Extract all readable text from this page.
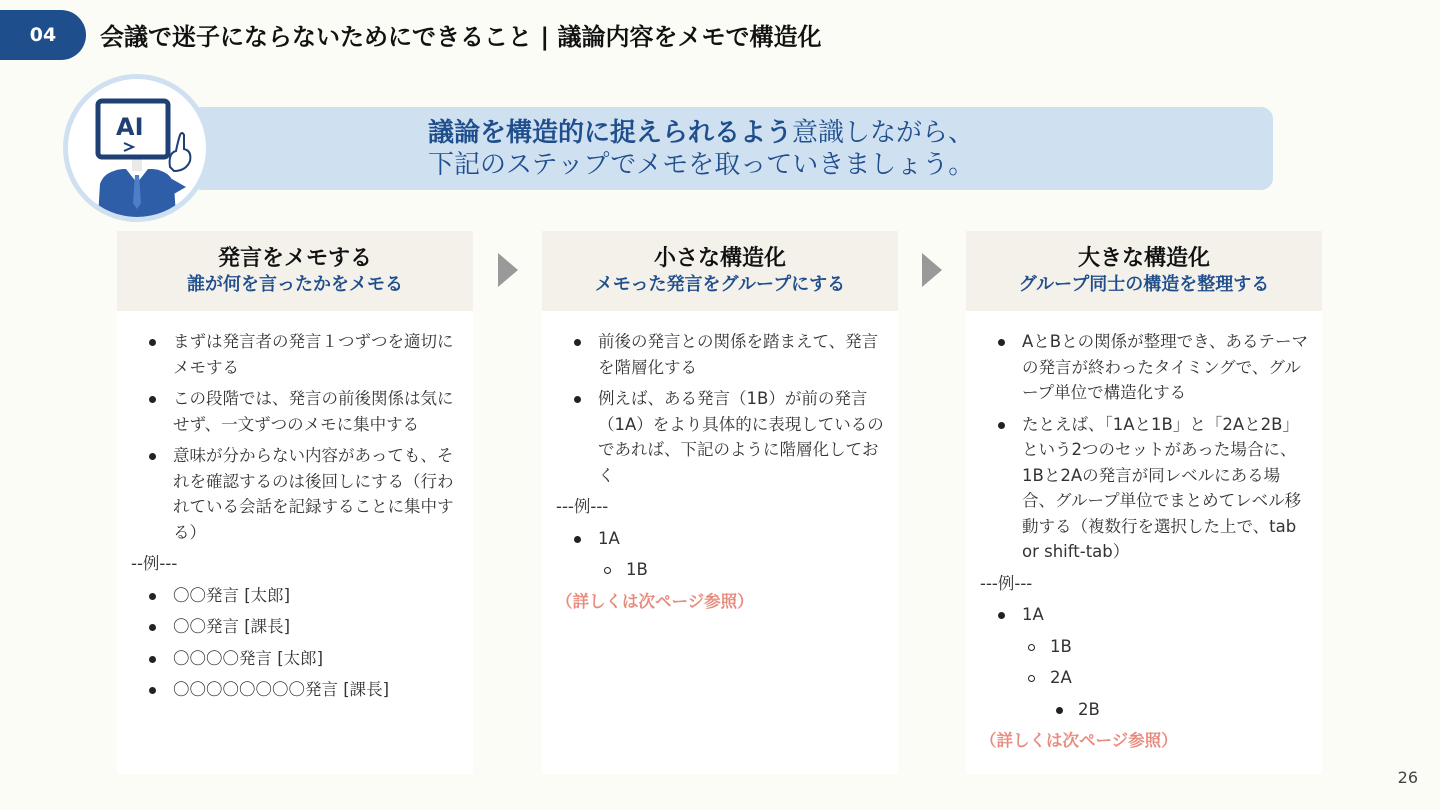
04	会議で迷子にならないためにできること | 議論内容をメモで構造化
議論を構造的に捉えられるよう意識しながら、
下記のステップでメモを取っていきましょう。
AI
発言をメモする
誰が何を言ったかをメモる
まずは発言者の発言１つずつを適切にメモする
この段階では、発言の前後関係は気にせず、一文ずつのメモに集中する
意味が分からない内容があっても、それを確認するのは後回しにする（行われている会話を記録することに集中する）
--例---
〇〇発言 [太郎]
〇〇発言 [課長]
〇〇〇〇発言 [太郎]
〇〇〇〇〇〇〇〇発言 [課長]
小さな構造化
メモった発言をグループにする
前後の発言との関係を踏まえて、発言を階層化する
例えば、ある発言（1B）が前の発言（1A）をより具体的に表現しているのであれば、下記のように階層化しておく
---例---
1A
1B
（詳しくは次ページ参照）
大きな構造化
グループ同士の構造を整理する
AとBとの関係が整理でき、あるテーマの発言が終わったタイミングで、グループ単位で構造化する
たとえば、「1Aと1B」と「2Aと2B」という2つのセットがあった場合に、1Bと2Aの発言が同レベルにある場合、グループ単位でまとめてレベル移動する（複数行を選択した上で、tab or shift-tab）
---例---
1A
1B
2A
2B
（詳しくは次ページ参照）
26
